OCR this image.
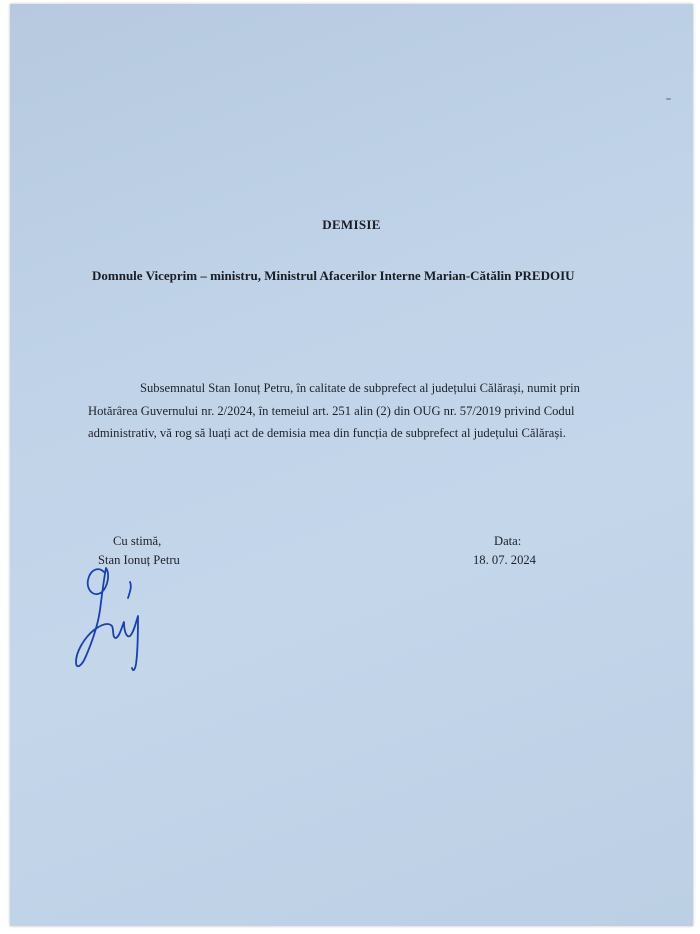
DEMISIE
Domnule Viceprim – ministru, Ministrul Afacerilor Interne Marian-Cătălin PREDOIU
Subsemnatul Stan Ionuț Petru, în calitate de subprefect al județului Călărași, numit prin Hotărârea Guvernului nr. 2/2024, în temeiul art. 251 alin (2) din OUG nr. 57/2019 privind Codul administrativ, vă rog să luați act de demisia mea din funcția de subprefect al județului Călărași.
Cu stimă,
Stan Ionuț Petru
Data:
18. 07. 2024
